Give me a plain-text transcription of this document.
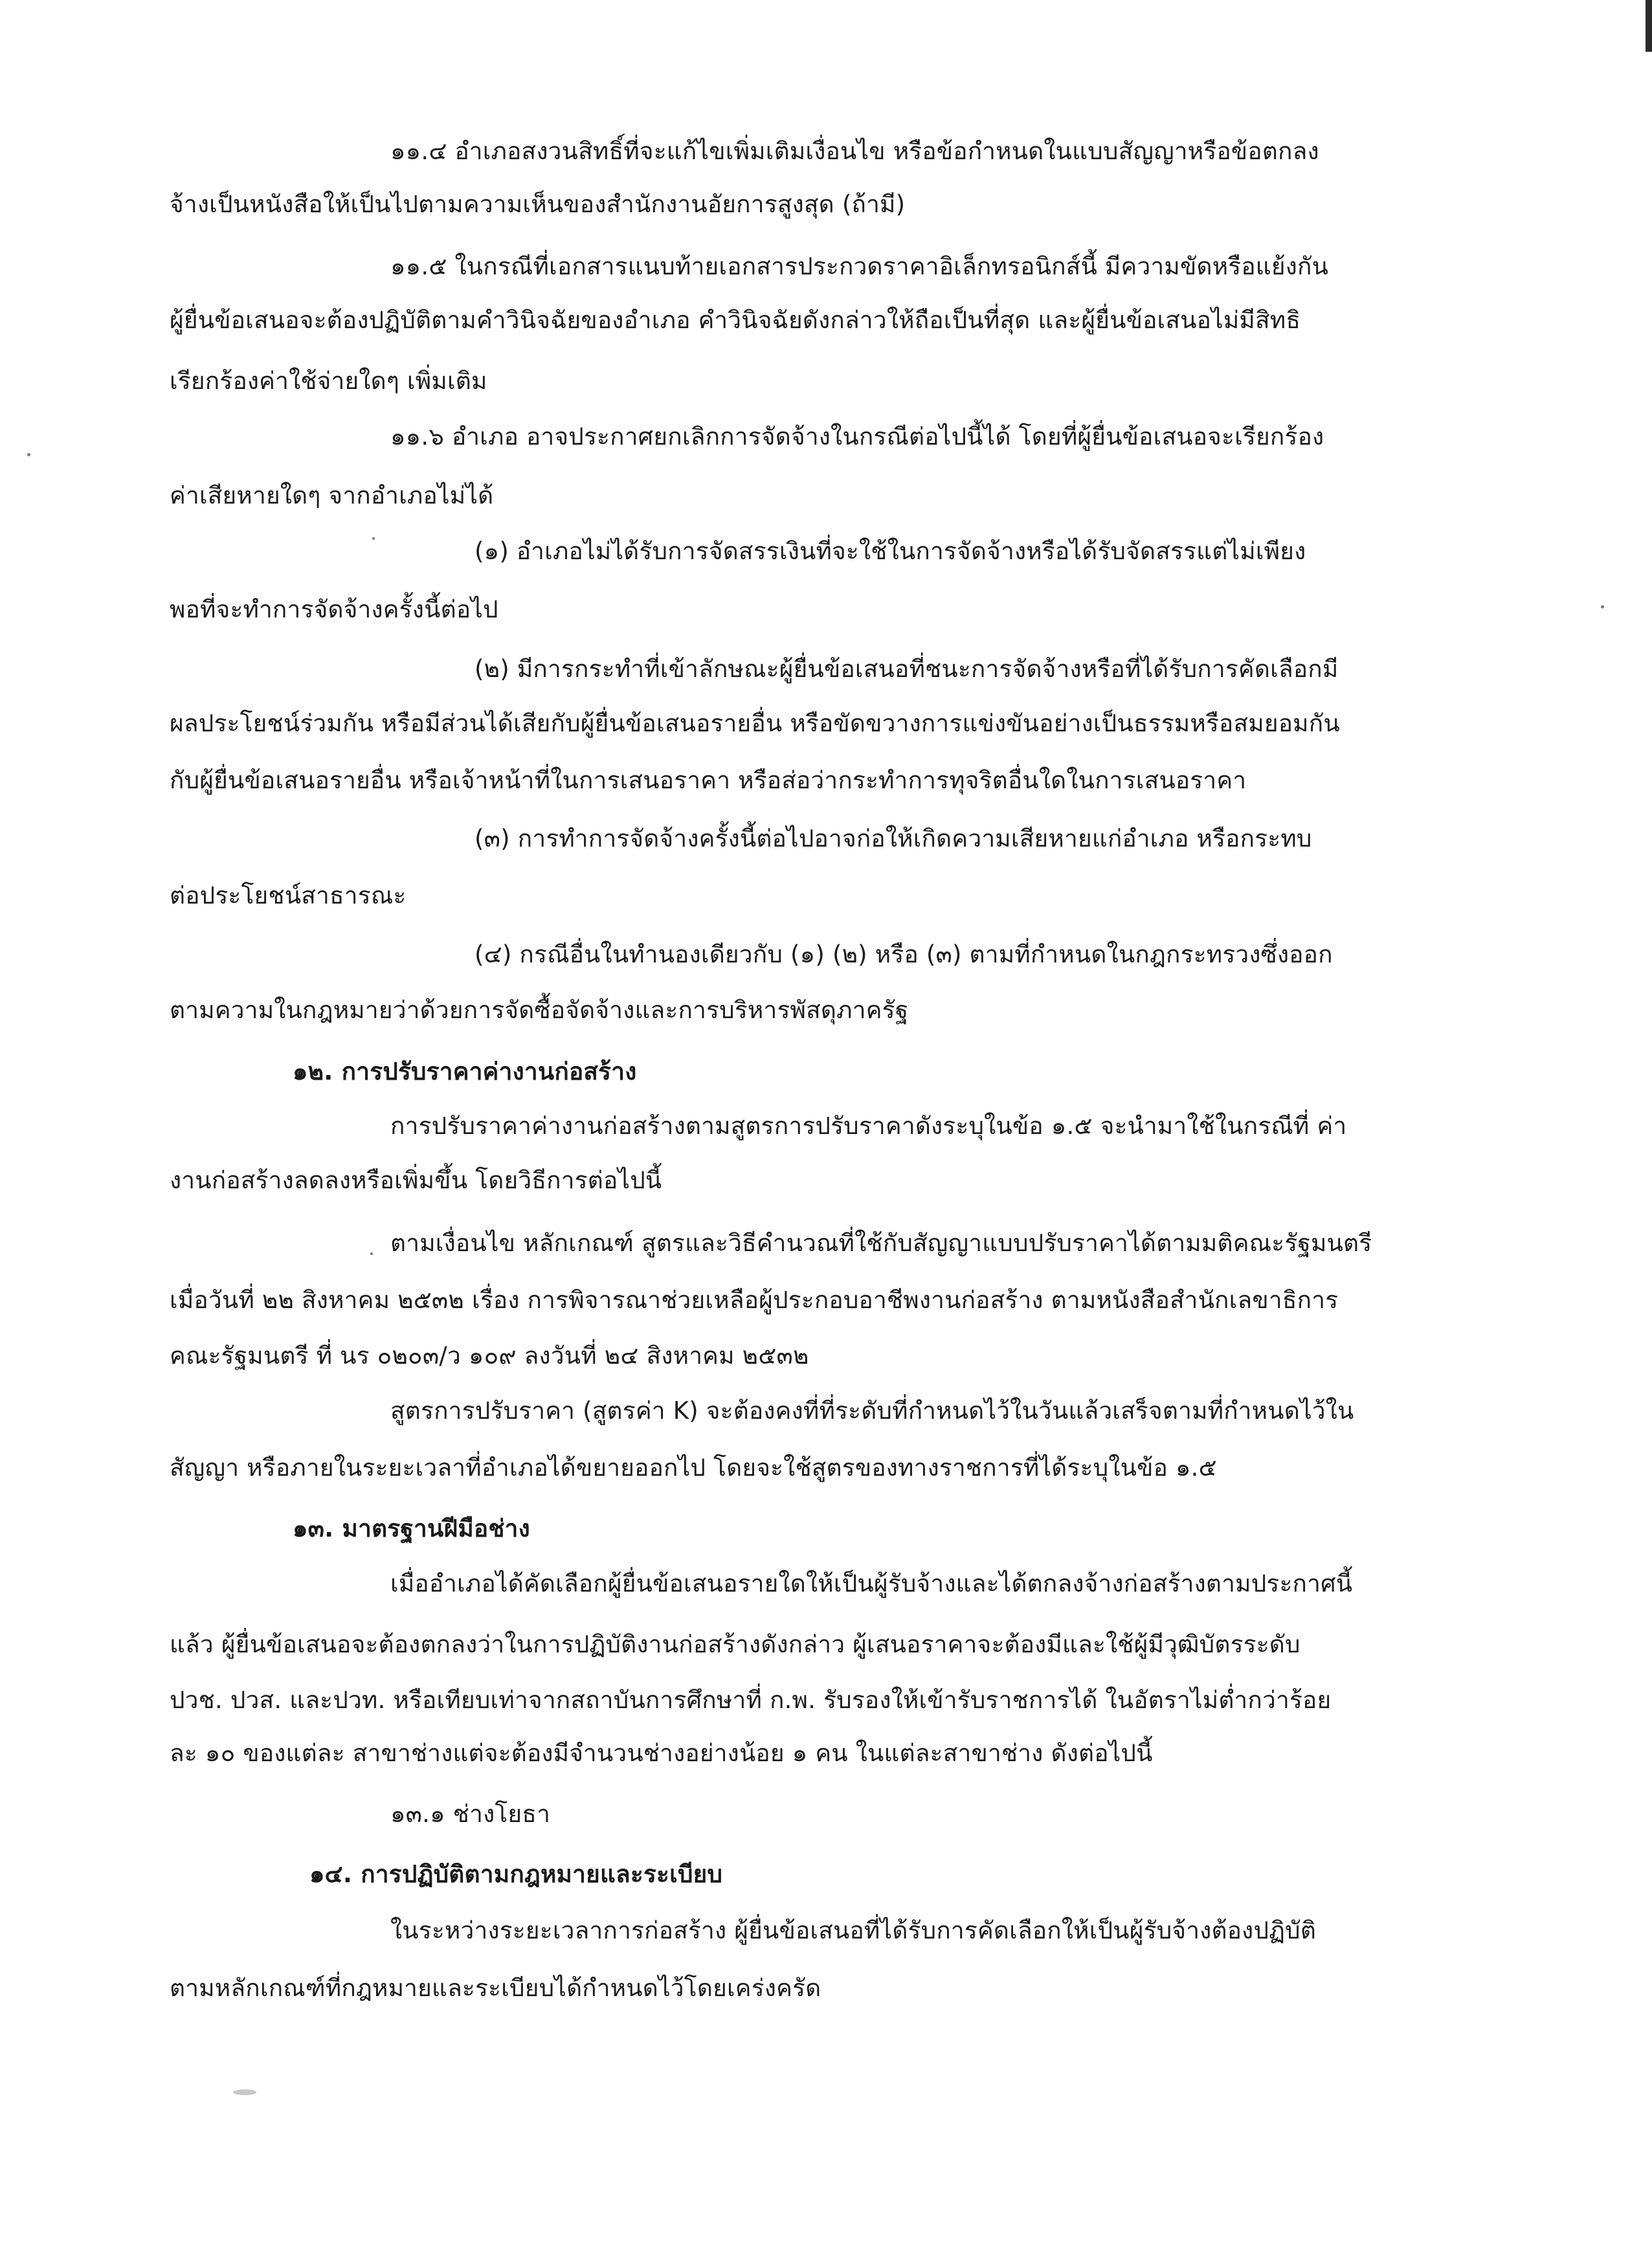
๑๑.๔ อำเภอสงวนสิทธิ์ที่จะแก้ไขเพิ่มเติมเงื่อนไข หรือข้อกำหนดในแบบสัญญาหรือข้อตกลง
จ้างเป็นหนังสือให้เป็นไปตามความเห็นของสำนักงานอัยการสูงสุด (ถ้ามี)
๑๑.๕ ในกรณีที่เอกสารแนบท้ายเอกสารประกวดราคาอิเล็กทรอนิกส์นี้ มีความขัดหรือแย้งกัน
ผู้ยื่นข้อเสนอจะต้องปฏิบัติตามคำวินิจฉัยของอำเภอ คำวินิจฉัยดังกล่าวให้ถือเป็นที่สุด และผู้ยื่นข้อเสนอไม่มีสิทธิ
เรียกร้องค่าใช้จ่ายใดๆ เพิ่มเติม
๑๑.๖ อำเภอ อาจประกาศยกเลิกการจัดจ้างในกรณีต่อไปนี้ได้ โดยที่ผู้ยื่นข้อเสนอจะเรียกร้อง
ค่าเสียหายใดๆ จากอำเภอไม่ได้
(๑) อำเภอไม่ได้รับการจัดสรรเงินที่จะใช้ในการจัดจ้างหรือได้รับจัดสรรแต่ไม่เพียง
พอที่จะทำการจัดจ้างครั้งนี้ต่อไป
(๒) มีการกระทำที่เข้าลักษณะผู้ยื่นข้อเสนอที่ชนะการจัดจ้างหรือที่ได้รับการคัดเลือกมี
ผลประโยชน์ร่วมกัน หรือมีส่วนได้เสียกับผู้ยื่นข้อเสนอรายอื่น หรือขัดขวางการแข่งขันอย่างเป็นธรรมหรือสมยอมกัน
กับผู้ยื่นข้อเสนอรายอื่น หรือเจ้าหน้าที่ในการเสนอราคา หรือส่อว่ากระทำการทุจริตอื่นใดในการเสนอราคา
(๓) การทำการจัดจ้างครั้งนี้ต่อไปอาจก่อให้เกิดความเสียหายแก่อำเภอ หรือกระทบ
ต่อประโยชน์สาธารณะ
(๔) กรณีอื่นในทำนองเดียวกับ (๑) (๒) หรือ (๓) ตามที่กำหนดในกฎกระทรวงซึ่งออก
ตามความในกฎหมายว่าด้วยการจัดซื้อจัดจ้างและการบริหารพัสดุภาครัฐ
๑๒. การปรับราคาค่างานก่อสร้าง
การปรับราคาค่างานก่อสร้างตามสูตรการปรับราคาดังระบุในข้อ ๑.๕ จะนำมาใช้ในกรณีที่ ค่า
งานก่อสร้างลดลงหรือเพิ่มขึ้น โดยวิธีการต่อไปนี้
ตามเงื่อนไข หลักเกณฑ์ สูตรและวิธีคำนวณที่ใช้กับสัญญาแบบปรับราคาได้ตามมติคณะรัฐมนตรี
เมื่อวันที่ ๒๒ สิงหาคม ๒๕๓๒ เรื่อง การพิจารณาช่วยเหลือผู้ประกอบอาชีพงานก่อสร้าง ตามหนังสือสำนักเลขาธิการ
คณะรัฐมนตรี ที่ นร ๐๒๐๓/ว ๑๐๙ ลงวันที่ ๒๔ สิงหาคม ๒๕๓๒
สูตรการปรับราคา (สูตรค่า K) จะต้องคงที่ที่ระดับที่กำหนดไว้ในวันแล้วเสร็จตามที่กำหนดไว้ใน
สัญญา หรือภายในระยะเวลาที่อำเภอได้ขยายออกไป โดยจะใช้สูตรของทางราชการที่ได้ระบุในข้อ ๑.๕
๑๓. มาตรฐานฝีมือช่าง
เมื่ออำเภอได้คัดเลือกผู้ยื่นข้อเสนอรายใดให้เป็นผู้รับจ้างและได้ตกลงจ้างก่อสร้างตามประกาศนี้
แล้ว ผู้ยื่นข้อเสนอจะต้องตกลงว่าในการปฏิบัติงานก่อสร้างดังกล่าว ผู้เสนอราคาจะต้องมีและใช้ผู้มีวุฒิบัตรระดับ
ปวช. ปวส. และปวท. หรือเทียบเท่าจากสถาบันการศึกษาที่ ก.พ. รับรองให้เข้ารับราชการได้ ในอัตราไม่ต่ำกว่าร้อย
ละ ๑๐ ของแต่ละ สาขาช่างแต่จะต้องมีจำนวนช่างอย่างน้อย ๑ คน ในแต่ละสาขาช่าง ดังต่อไปนี้
๑๓.๑ ช่างโยธา
๑๔. การปฏิบัติตามกฎหมายและระเบียบ
ในระหว่างระยะเวลาการก่อสร้าง ผู้ยื่นข้อเสนอที่ได้รับการคัดเลือกให้เป็นผู้รับจ้างต้องปฏิบัติ
ตามหลักเกณฑ์ที่กฎหมายและระเบียบได้กำหนดไว้โดยเคร่งครัด
